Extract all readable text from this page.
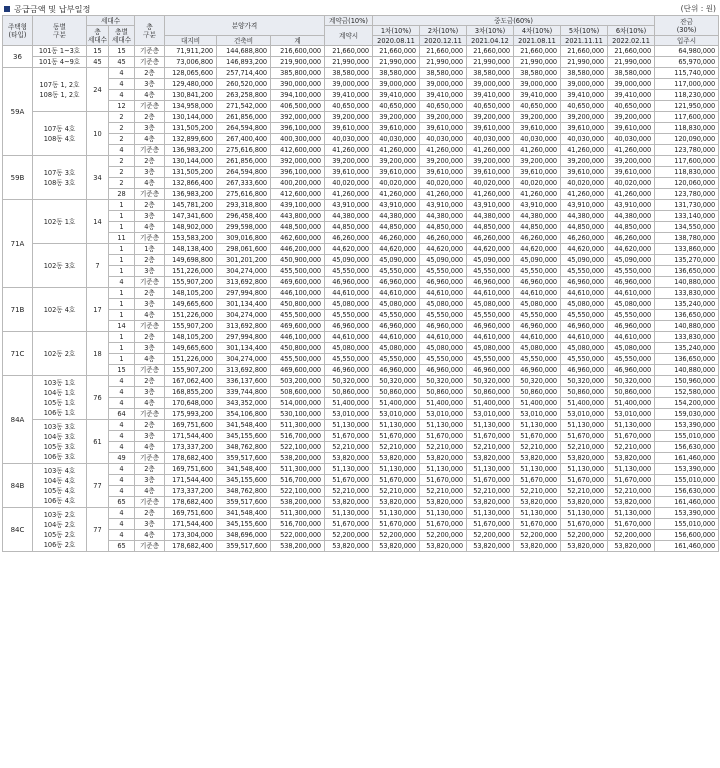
공급금액 및 납부일정	(단위 : 원)
주택형
(타입)	동별
구분	세대수		층
구분	분양가격			계약금(10%)	중도금(60%)						잔금
(30%)
		층
세대수	층별
세대수					계약시	1차(10%)	2차(10%)	3차(10%)	4차(10%)	5차(10%)	6차(10%)	
					대지비	건축비	계		2020.08.11	2020.12.11	2021.04.12	2021.08.11	2021.11.11	2022.02.11	입주시
36	101동 1~3호	15	15	기준층	71,911,200	144,688,800	216,600,000	21,660,000	21,660,000	21,660,000	21,660,000	21,660,000	21,660,000	21,660,000	64,980,000
	101동 4~9호	45	45	기준층	73,006,800	146,893,200	219,900,000	21,990,000	21,990,000	21,990,000	21,990,000	21,990,000	21,990,000	21,990,000	65,970,000
59A	107동 1, 2호
108동 1, 2호	24	4	2층	128,065,600	257,714,400	385,800,000	38,580,000	38,580,000	38,580,000	38,580,000	38,580,000	38,580,000	38,580,000	115,740,000
			4	3층	129,480,000	260,520,000	390,000,000	39,000,000	39,000,000	39,000,000	39,000,000	39,000,000	39,000,000	39,000,000	117,000,000
			4	4층	130,841,200	263,258,800	394,100,000	39,410,000	39,410,000	39,410,000	39,410,000	39,410,000	39,410,000	39,410,000	118,230,000
			12	기준층	134,958,000	271,542,000	406,500,000	40,650,000	40,650,000	40,650,000	40,650,000	40,650,000	40,650,000	40,650,000	121,950,000
	107동 4호
108동 4호	10	2	2층	130,144,000	261,856,000	392,000,000	39,200,000	39,200,000	39,200,000	39,200,000	39,200,000	39,200,000	39,200,000	117,600,000
			2	3층	131,505,200	264,594,800	396,100,000	39,610,000	39,610,000	39,610,000	39,610,000	39,610,000	39,610,000	39,610,000	118,830,000
			2	4층	132,899,600	267,400,400	400,300,000	40,030,000	40,030,000	40,030,000	40,030,000	40,030,000	40,030,000	40,030,000	120,090,000
			4	기준층	136,983,200	275,616,800	412,600,000	41,260,000	41,260,000	41,260,000	41,260,000	41,260,000	41,260,000	41,260,000	123,780,000
59B	107동 3호
108동 3호	34	2	2층	130,144,000	261,856,000	392,000,000	39,200,000	39,200,000	39,200,000	39,200,000	39,200,000	39,200,000	39,200,000	117,600,000
			2	3층	131,505,200	264,594,800	396,100,000	39,610,000	39,610,000	39,610,000	39,610,000	39,610,000	39,610,000	39,610,000	118,830,000
			2	4층	132,866,400	267,333,600	400,200,000	40,020,000	40,020,000	40,020,000	40,020,000	40,020,000	40,020,000	40,020,000	120,060,000
			28	기준층	136,983,200	275,616,800	412,600,000	41,260,000	41,260,000	41,260,000	41,260,000	41,260,000	41,260,000	41,260,000	123,780,000
71A	102동 1호	14	1	2층	145,781,200	293,318,800	439,100,000	43,910,000	43,910,000	43,910,000	43,910,000	43,910,000	43,910,000	43,910,000	131,730,000
			1	3층	147,341,600	296,458,400	443,800,000	44,380,000	44,380,000	44,380,000	44,380,000	44,380,000	44,380,000	44,380,000	133,140,000
			1	4층	148,902,000	299,598,000	448,500,000	44,850,000	44,850,000	44,850,000	44,850,000	44,850,000	44,850,000	44,850,000	134,550,000
			11	기준층	153,583,200	309,016,800	462,600,000	46,260,000	46,260,000	46,260,000	46,260,000	46,260,000	46,260,000	46,260,000	138,780,000
	102동 3호	7	1	1층	148,138,400	298,061,600	446,200,000	44,620,000	44,620,000	44,620,000	44,620,000	44,620,000	44,620,000	44,620,000	133,860,000
			1	2층	149,698,800	301,201,200	450,900,000	45,090,000	45,090,000	45,090,000	45,090,000	45,090,000	45,090,000	45,090,000	135,270,000
			1	3층	151,226,000	304,274,000	455,500,000	45,550,000	45,550,000	45,550,000	45,550,000	45,550,000	45,550,000	45,550,000	136,650,000
			4	기준층	155,907,200	313,692,800	469,600,000	46,960,000	46,960,000	46,960,000	46,960,000	46,960,000	46,960,000	46,960,000	140,880,000
71B	102동 4호	17	1	2층	148,105,200	297,994,800	446,100,000	44,610,000	44,610,000	44,610,000	44,610,000	44,610,000	44,610,000	44,610,000	133,830,000
			1	3층	149,665,600	301,134,400	450,800,000	45,080,000	45,080,000	45,080,000	45,080,000	45,080,000	45,080,000	45,080,000	135,240,000
			1	4층	151,226,000	304,274,000	455,500,000	45,550,000	45,550,000	45,550,000	45,550,000	45,550,000	45,550,000	45,550,000	136,650,000
			14	기준층	155,907,200	313,692,800	469,600,000	46,960,000	46,960,000	46,960,000	46,960,000	46,960,000	46,960,000	46,960,000	140,880,000
71C	102동 2호	18	1	2층	148,105,200	297,994,800	446,100,000	44,610,000	44,610,000	44,610,000	44,610,000	44,610,000	44,610,000	44,610,000	133,830,000
			1	3층	149,665,600	301,134,400	450,800,000	45,080,000	45,080,000	45,080,000	45,080,000	45,080,000	45,080,000	45,080,000	135,240,000
			1	4층	151,226,000	304,274,000	455,500,000	45,550,000	45,550,000	45,550,000	45,550,000	45,550,000	45,550,000	45,550,000	136,650,000
			15	기준층	155,907,200	313,692,800	469,600,000	46,960,000	46,960,000	46,960,000	46,960,000	46,960,000	46,960,000	46,960,000	140,880,000
84A	103동 1호
104동 1호
105동 1호
106동 1호	76	4	2층	167,062,400	336,137,600	503,200,000	50,320,000	50,320,000	50,320,000	50,320,000	50,320,000	50,320,000	50,320,000	150,960,000
			4	3층	168,855,200	339,744,800	508,600,000	50,860,000	50,860,000	50,860,000	50,860,000	50,860,000	50,860,000	50,860,000	152,580,000
			4	4층	170,648,000	343,352,000	514,000,000	51,400,000	51,400,000	51,400,000	51,400,000	51,400,000	51,400,000	51,400,000	154,200,000
			64	기준층	175,993,200	354,106,800	530,100,000	53,010,000	53,010,000	53,010,000	53,010,000	53,010,000	53,010,000	53,010,000	159,030,000
	103동 3호
104동 3호
105동 3호
106동 3호	61	4	2층	169,751,600	341,548,400	511,300,000	51,130,000	51,130,000	51,130,000	51,130,000	51,130,000	51,130,000	51,130,000	153,390,000
			4	3층	171,544,400	345,155,600	516,700,000	51,670,000	51,670,000	51,670,000	51,670,000	51,670,000	51,670,000	51,670,000	155,010,000
			4	4층	173,337,200	348,762,800	522,100,000	52,210,000	52,210,000	52,210,000	52,210,000	52,210,000	52,210,000	52,210,000	156,630,000
			49	기준층	178,682,400	359,517,600	538,200,000	53,820,000	53,820,000	53,820,000	53,820,000	53,820,000	53,820,000	53,820,000	161,460,000
84B	103동 4호
104동 4호
105동 4호
106동 4호	77	4	2층	169,751,600	341,548,400	511,300,000	51,130,000	51,130,000	51,130,000	51,130,000	51,130,000	51,130,000	51,130,000	153,390,000
			4	3층	171,544,400	345,155,600	516,700,000	51,670,000	51,670,000	51,670,000	51,670,000	51,670,000	51,670,000	51,670,000	155,010,000
			4	4층	173,337,200	348,762,800	522,100,000	52,210,000	52,210,000	52,210,000	52,210,000	52,210,000	52,210,000	52,210,000	156,630,000
			65	기준층	178,682,400	359,517,600	538,200,000	53,820,000	53,820,000	53,820,000	53,820,000	53,820,000	53,820,000	53,820,000	161,460,000
84C	103동 2호
104동 2호
105동 2호
106동 2호	77	4	2층	169,751,600	341,548,400	511,300,000	51,130,000	51,130,000	51,130,000	51,130,000	51,130,000	51,130,000	51,130,000	153,390,000
			4	3층	171,544,400	345,155,600	516,700,000	51,670,000	51,670,000	51,670,000	51,670,000	51,670,000	51,670,000	51,670,000	155,010,000
			4	4층	173,304,000	348,696,000	522,000,000	52,200,000	52,200,000	52,200,000	52,200,000	52,200,000	52,200,000	52,200,000	156,600,000
			65	기준층	178,682,400	359,517,600	538,200,000	53,820,000	53,820,000	53,820,000	53,820,000	53,820,000	53,820,000	53,820,000	161,460,000
